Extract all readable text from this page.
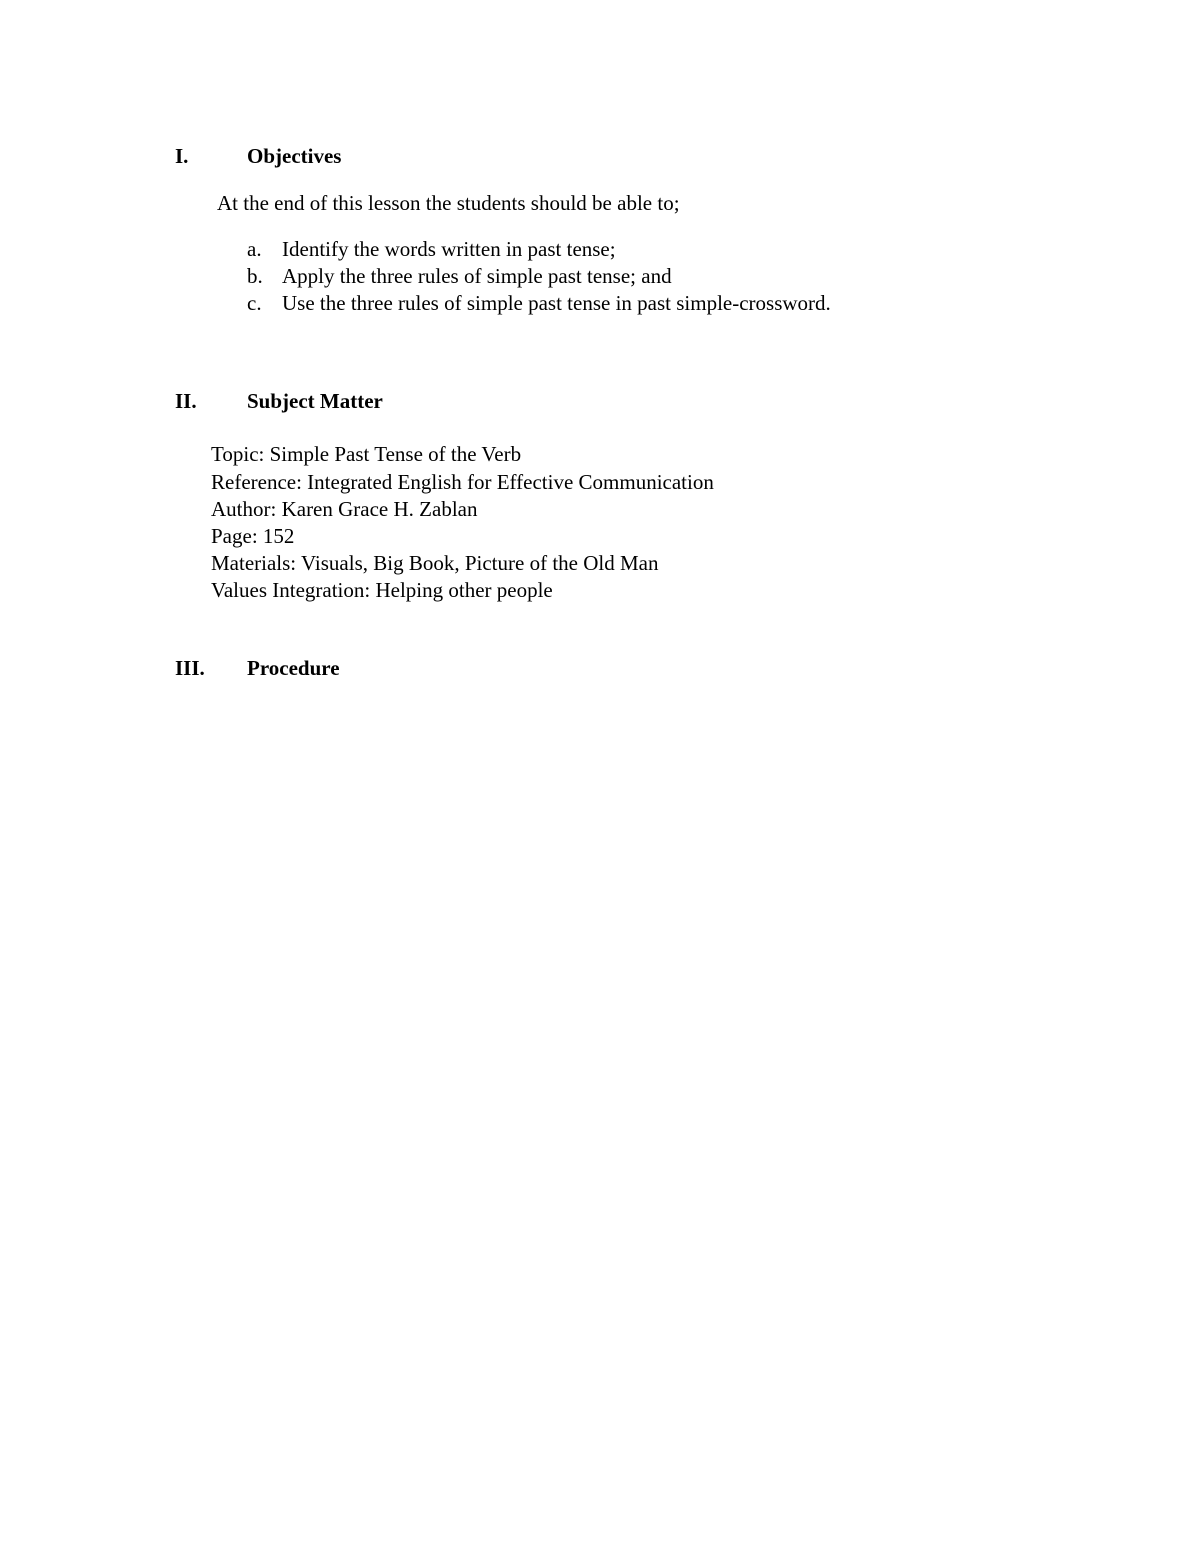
I.	Objectives
At the end of this lesson the students should be able to;
a. Identify the words written in past tense;
b. Apply the three rules of simple past tense; and
c. Use the three rules of simple past tense in past simple-crossword.
II. Subject Matter
Topic: Simple Past Tense of the Verb
Reference: Integrated English for Effective Communication
Author: Karen Grace H. Zablan
Page: 152
Materials: Visuals, Big Book, Picture of the Old Man
Values Integration: Helping other people
III. Procedure
